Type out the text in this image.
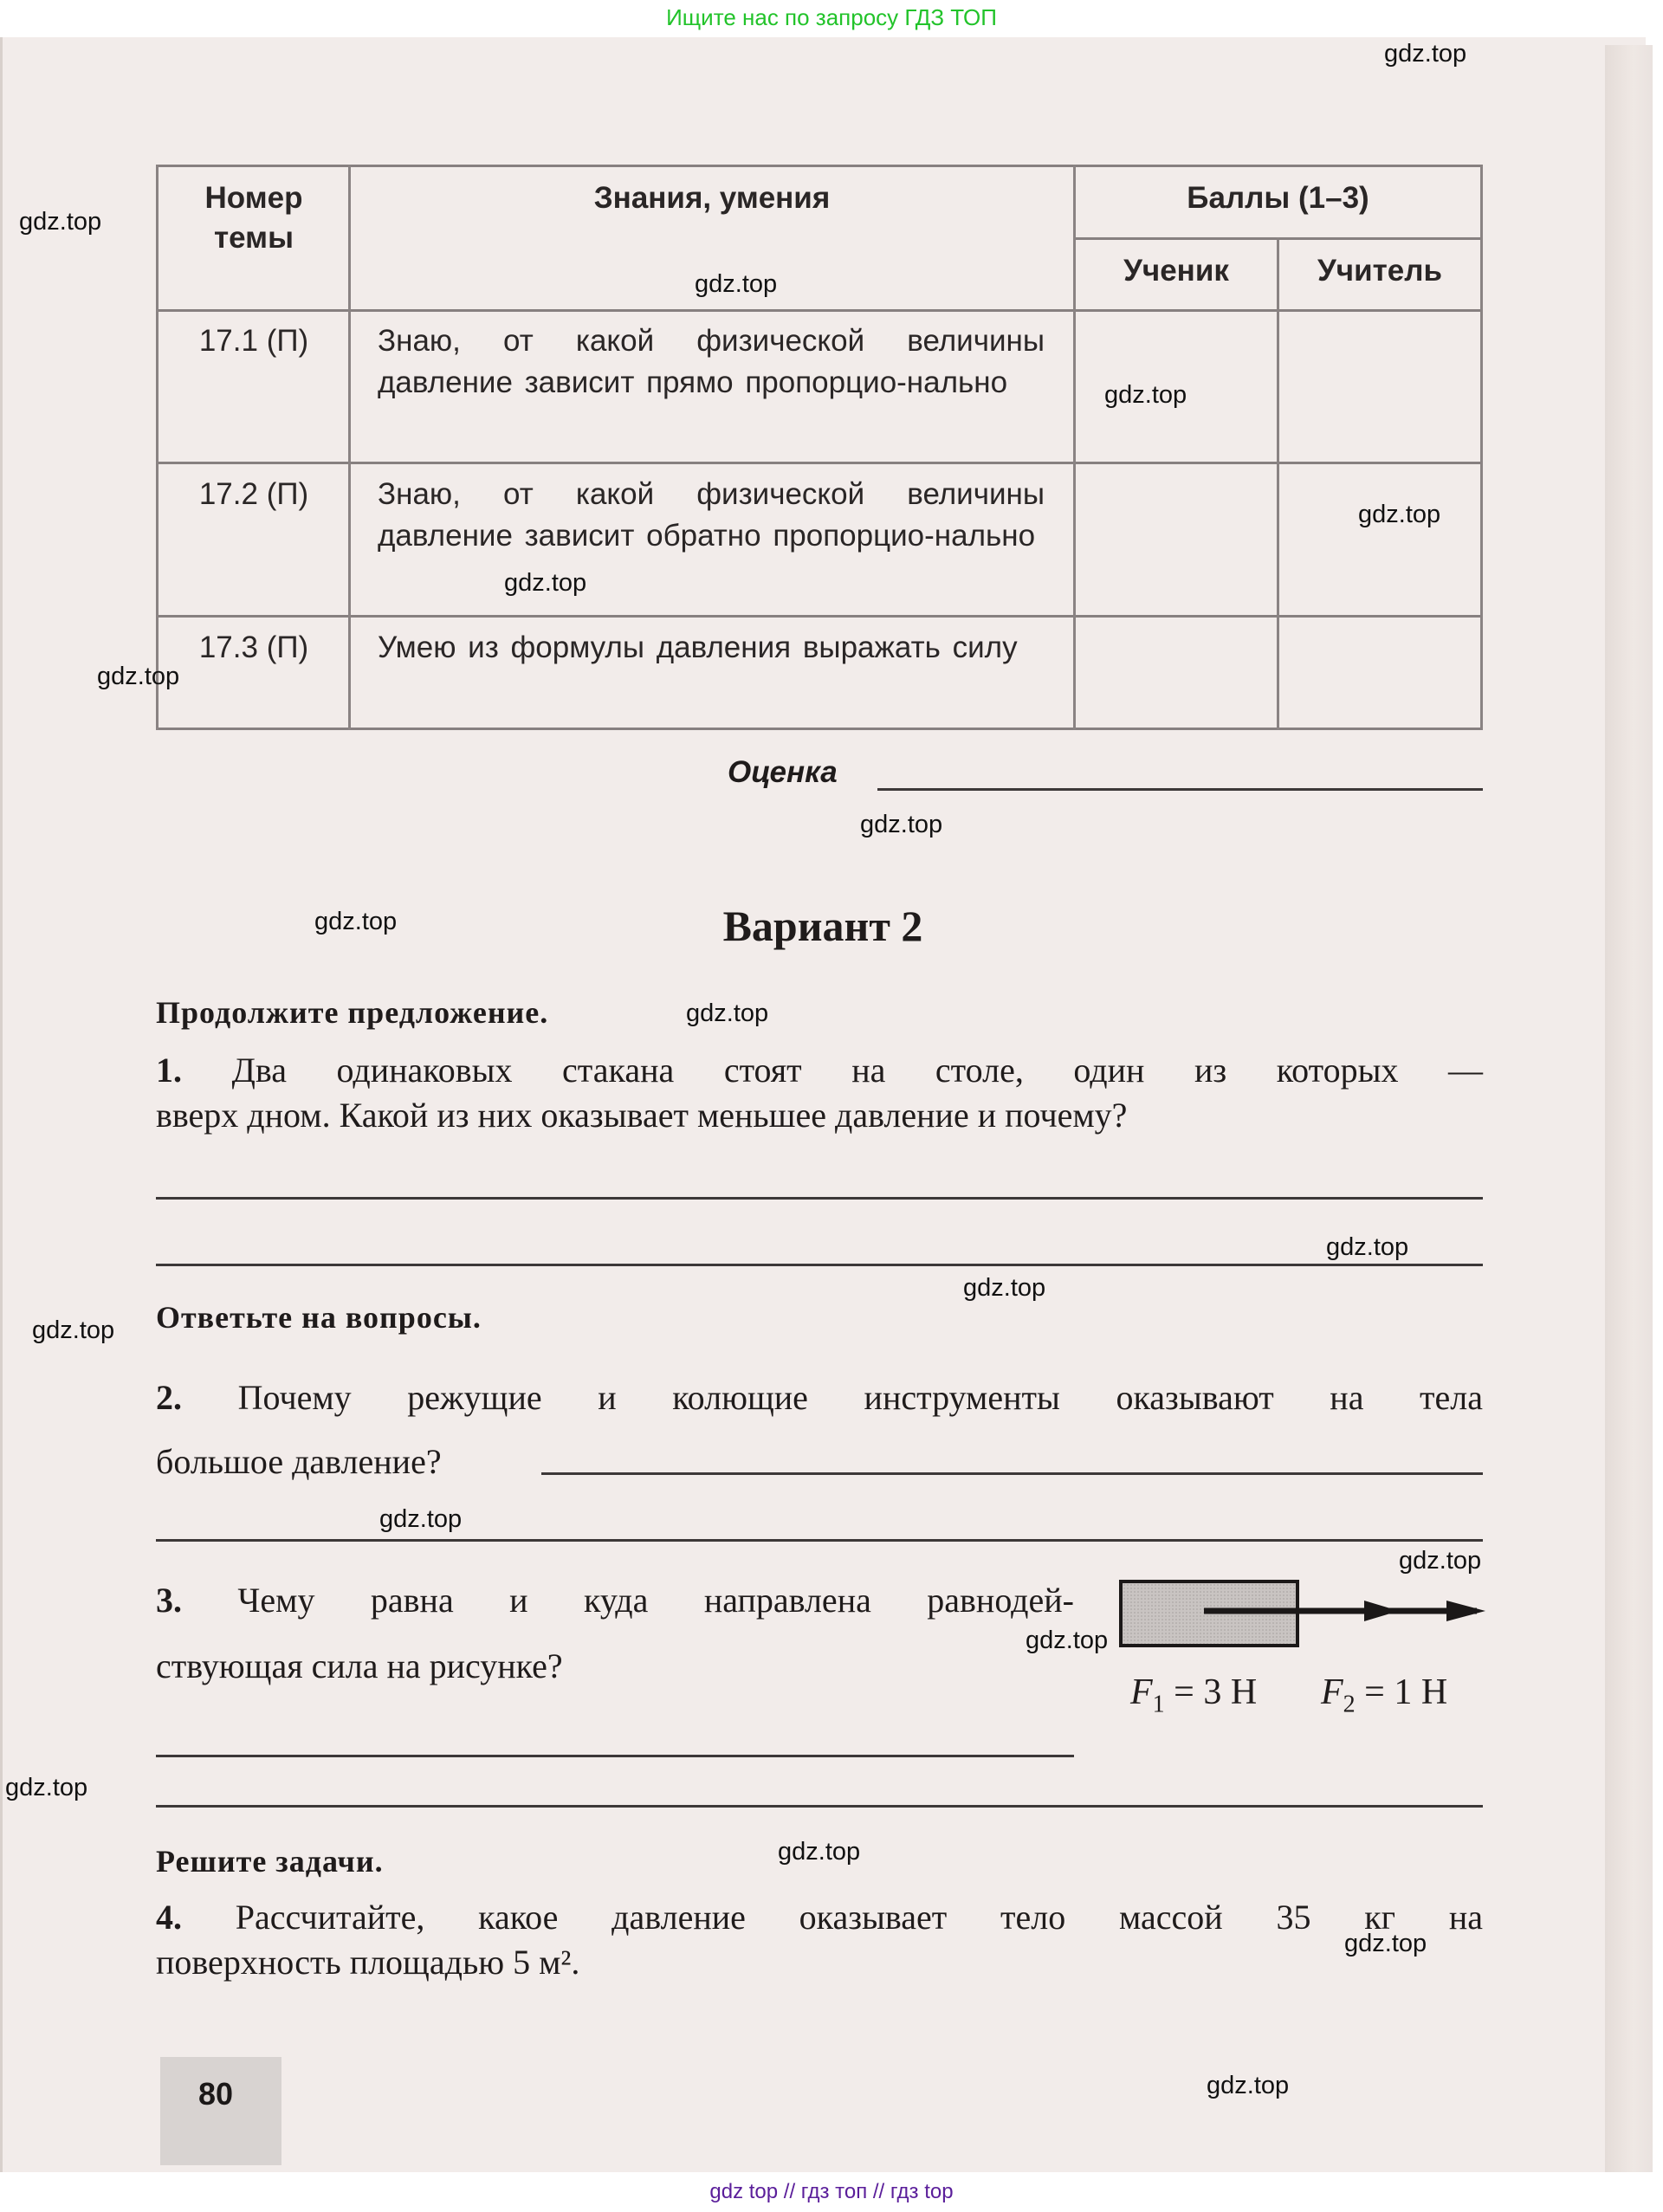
Ищите нас по запросу ГДЗ ТОП
Номер
темы
Знания, умения	Баллы (1–3)
Ученик	Учитель
17.1 (П)	Знаю, от какой физической величины давление зависит прямо пропорцио-нально
17.2 (П)	Знаю, от какой физической величины давление зависит обратно пропорцио-нально
17.3 (П)	Умею из формулы давления выражать силу
Оценка
Вариант 2
Продолжите предложение.
1. Два одинаковых стакана стоят на столе, один из которых —
вверх дном. Какой из них оказывает меньшее давление и почему?
Ответьте на вопросы.
2. Почему режущие и колющие инструменты оказывают на тела
большое давление?
3. Чему равна и куда направлена равнодей-
ствующая сила на рисунке?
$F_1 = 3$ Н $F_2 = 1$ Н
Решите задачи.
4. Рассчитайте, какое давление оказывает тело массой 35 кг на
поверхность площадью 5 м².
80
gdz.top
gdz.top
gdz.top
gdz.top
gdz.top
gdz.top
gdz.top
gdz.top
gdz.top
gdz.top
gdz.top
gdz.top
gdz.top
gdz.top
gdz.top
gdz.top
gdz.top
gdz.top
gdz.top
gdz.top
gdz top // гдз топ // гдз top
